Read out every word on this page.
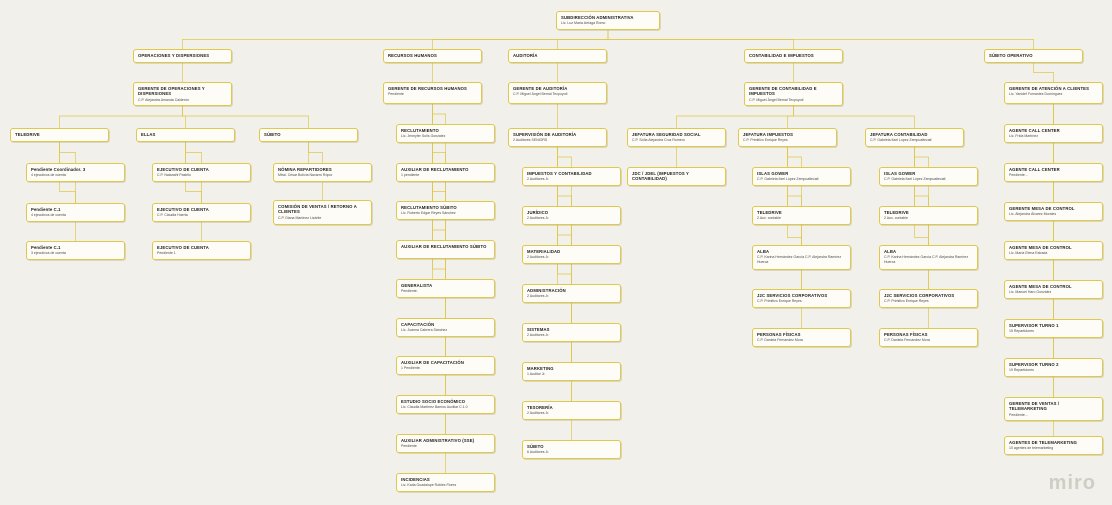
SUBDIRECCIÓN ADMINISTRATIVA
Lic. Luz María Arriaga Romo
OPERACIONES Y DISPERSIONES	RECURSOS HUMANOS	AUDITORÍA	CONTABILIDAD E IMPUESTOS	SÚBITO OPERATIVO
GERENTE DE OPERACIONES Y DISPERSIONES
C.P. Alejandra Amanda Calderón
GERENTE DE RECURSOS HUMANOS
Pendiente
GERENTE DE AUDITORÍA
C.P. Miguel Ángel Bernal Tecpoyotl
GERENTE DE CONTABILIDAD E IMPUESTOS
C.P. Miguel Ángel Bernal Tecpoyotl
GERENTE DE ATENCIÓN A CLIENTES
Lic. Yanidef Fumantes Domínguez
TELEDRIVE	ELLAS	SÚBITO
Pendiente Coordinador. 3
4 ejecutivos de cuenta
Pendiente C.1
4 ejecutivos de cuenta
Pendiente C.1
3 ejecutivos de cuenta
EJECUTIVO DE CUENTA
C.P. Natanahi Pastrllo
EJECUTIVO DE CUENTA
C.P. Claudia Huerta
EJECUTIVO DE CUENTA
Pendiente 1
NÓMINA REPARTIDORES
Mtral. César Bolívia Navarro Rópur
COMISIÓN DE VENTAS / RETORNO A CLIENTES
C.P. Diana Martínez Lizárite
RECLUTAMIENTO
Lic. Jennyfer Solís Gonzalez
AUXILIAR DE RECLUTAMIENTO
1 pendiente
RECLUTAMIENTO SÚBITO
Lic. Roberto Edgar Reyes Sánchez
AUXILIAR DE RECLUTAMIENTO SÚBITO
GENERALISTA
Pendiente.
CAPACITACIÓN
Lic. Joanna Cabrera Sánchez
AUXILIAR DE CAPACITACIÓN
1 Pendiente.
ESTUDIO SOCIO ECONÓMICO
Lic. Claudia Martínez Barrios Auxiliar C.1.0
AUXILIAR ADMINISTRATIVO (SSE)
Pendiente
INCIDENCIAS
Lic. Karla Guadalupe Robles Flores
SUPERVISIÓN DE AUDITORÍA
2 Auditores SENIORS
IMPUESTOS Y CONTABILIDAD
2 Auditores Jr.
JURÍDICO
2 Auditores Jr.
MATERIALIDAD
2 Auditores Jr.
ADMINISTRACIÓN
2 Auditores Jr.
SISTEMAS
2 Auditores Jr.
MARKETING
1 Auditor Jr.
TESORERÍA
2 Auditores Jr.
SÚBITO
6 Auditores Jr.
JEFATURA SEGURIDAD SOCIAL
C.P. Sofía Alejandra Cruz Romero
JDC / JDEL (IMPUESTOS Y CONTABILIDAD)
JEFATURA IMPUESTOS
C.P. Primitivo Enrique Reyes
ISLAS GOWER
C.P. Gabriela Itzel López Zempualtecatl
TELEDRIVE
2 Aux. contable
ALBA
C.P. Karina Hernández García C.P. Alejandra Ramírez Huerca
J2C SERVICIOS CORPORATIVOS
C.P. Primitivo Enrique Reyes
PERSONAS FÍSICAS
C.P. Daniela Fernandez Mora
JEFATURA CONTABILIDAD
C.P. Gabriela Itzel López Zempualtecatl
ISLAS GOWER
C.P. Gabriela Itzel López Zempualtecatl
TELEDRIVE
2 Aux. contable
ALBA
C.P. Karina Hernández García C.P. Alejandra Ramírez Huerca
J2C SERVICIOS CORPORATIVOS
C.P. Primitivo Enrique Reyes
PERSONAS FÍSICAS
C.P. Daniela Fernandez Mora
AGENTE CALL CENTER
Lic. Frida Martínez
AGENTE CALL CENTER
Pendiente...
GERENTE MESA DE CONTROL
Lic. Alejandra Álvarez Morales
AGENTE MESA DE CONTROL
Lic. María Elena Estrada
AGENTE MESA DE CONTROL
Lic. Manuel Haro González
SUPERVISOR TURNO 1
15 Repartidores
SUPERVISOR TURNO 2
19 Repartidores
GERENTE DE VENTAS / TELEMARKETING
Pendiente...
AGENTES DE TELEMARKETING
10 agentes de telemarketing
miro
